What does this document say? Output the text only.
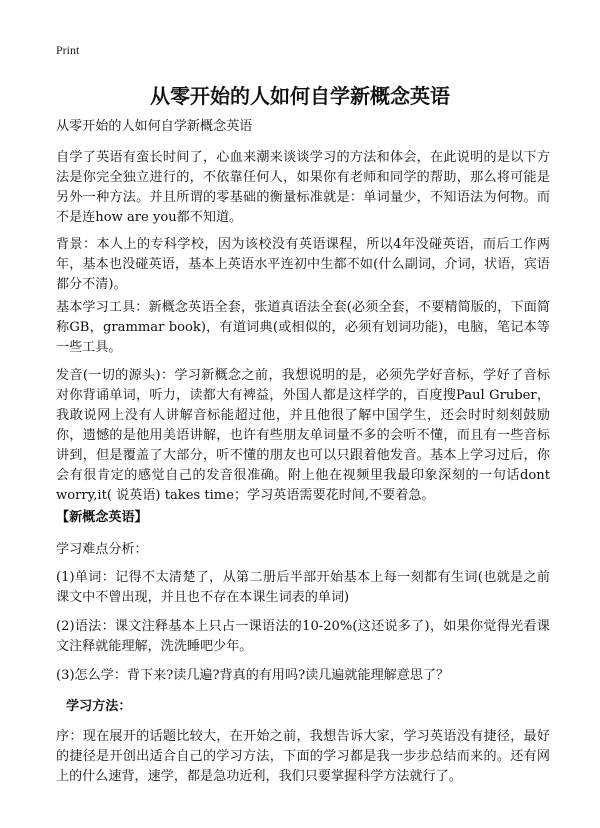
Print
从零开始的人如何自学新概念英语

从零开始的人如何自学新概念英语

自学了英语有蛮长时间了，心血来潮来谈谈学习的方法和体会，在此说明的是以下方法是你完全独立进行的，不依靠任何人，如果你有老师和同学的帮助，那么将可能是另外一种方法。并且所谓的零基础的衡量标准就是：单词量少，不知语法为何物。而不是连how are you都不知道。

背景：本人上的专科学校，因为该校没有英语课程，所以4年没碰英语，而后工作两年，基本也没碰英语，基本上英语水平连初中生都不如(什么副词，介词，状语，宾语都分不清)。

基本学习工具：新概念英语全套，张道真语法全套(必须全套，不要精简版的，下面简称GB，grammar book)，有道词典(或相似的，必须有划词功能)，电脑，笔记本等一些工具。

发音(一切的源头)：学习新概念之前，我想说明的是，必须先学好音标，学好了音标对你背诵单词，听力，读都大有裨益，外国人都是这样学的，百度搜Paul Gruber，我敢说网上没有人讲解音标能超过他，并且他很了解中国学生，还会时时刻刻鼓励你，遗憾的是他用美语讲解，也许有些朋友单词量不多的会听不懂，而且有一些音标讲到，但是覆盖了大部分，听不懂的朋友也可以只跟着他发音。基本上学习过后，你会有很肯定的感觉自己的发音很准确。附上他在视频里我最印象深刻的一句话dont worry,it( 说英语) takes time；学习英语需要花时间,不要着急。

【新概念英语】

学习难点分析：

(1)单词：记得不太清楚了，从第二册后半部开始基本上每一刻都有生词(也就是之前课文中不曾出现，并且也不存在本课生词表的单词)

(2)语法：课文注释基本上只占一课语法的10-20%(这还说多了)，如果你觉得光看课文注释就能理解，洗洗睡吧少年。

(3)怎么学：背下来?读几遍?背真的有用吗?读几遍就能理解意思了？

学习方法：

序：现在展开的话题比较大，在开始之前，我想告诉大家，学习英语没有捷径，最好的捷径是开创出适合自己的学习方法，下面的学习都是我一步步总结而来的。还有网上的什么速背，速学，都是急功近利，我们只要掌握科学方法就行了。
